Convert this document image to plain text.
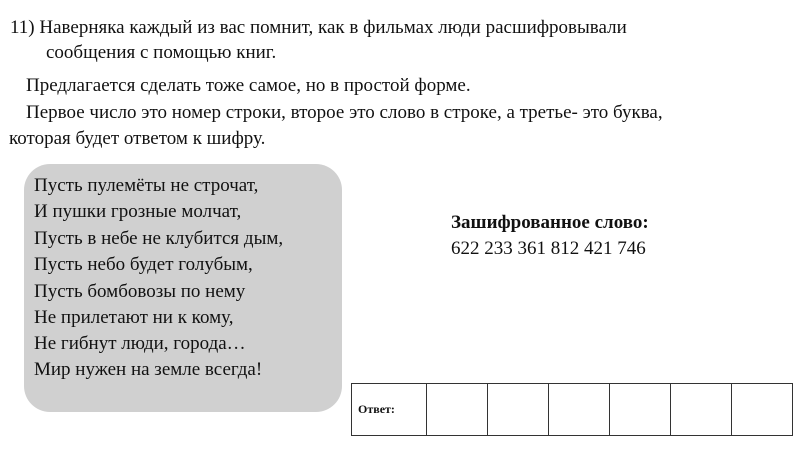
11) Наверняка каждый из вас помнит, как в фильмах люди расшифровывали
сообщения с помощью книг.
Предлагается сделать тоже самое, но в простой форме.
Первое число это номер строки, второе это слово в строке, а третье- это буква,
которая будет ответом к шифру.
Пусть пулемёты не строчат,
И пушки грозные молчат,
Пусть в небе не клубится дым,
Пусть небо будет голубым,
Пусть бомбовозы по нему
Не прилетают ни к кому,
Не гибнут люди, города…
Мир нужен на земле всегда!
Зашифрованное слово:
622 233 361 812 421 746
Ответ:						
